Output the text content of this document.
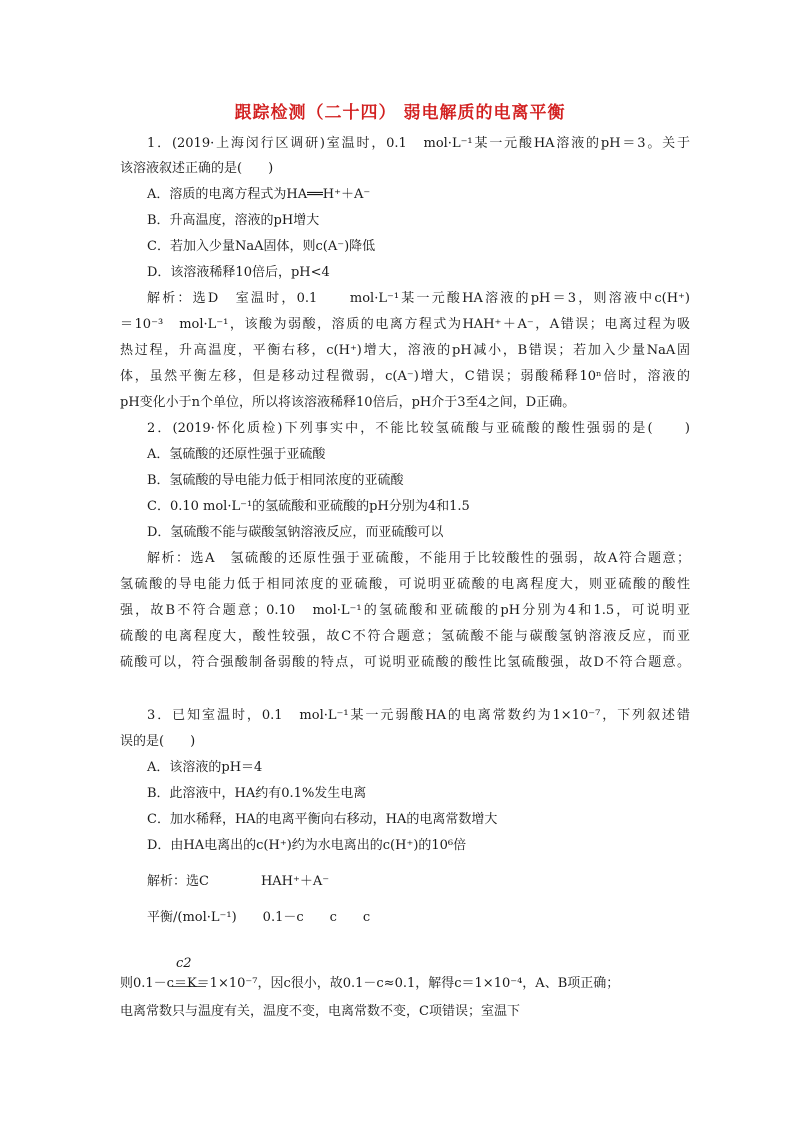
跟踪检测（二十四） 弱电解质的电离平衡
1．(2019·上海闵行区调研)室温时，0.1　mol·L⁻¹某一元酸HA溶液的pH＝3。关于
该溶液叙述正确的是(　　)
A．溶质的电离方程式为HA══H⁺＋A⁻
B．升高温度，溶液的pH增大
C．若加入少量NaA固体，则c(A⁻)降低
D．该溶液稀释10倍后，pH<4
解析：选D　室温时，0.1　　mol·L⁻¹某一元酸HA溶液的pH＝3，则溶液中c(H⁺)
＝10⁻³　mol·L⁻¹，该酸为弱酸，溶质的电离方程式为HAH⁺＋A⁻，A错误；电离过程为吸
热过程，升高温度，平衡右移，c(H⁺)增大，溶液的pH减小，B错误；若加入少量NaA固
体，虽然平衡左移，但是移动过程微弱，c(A⁻)增大，C错误；弱酸稀释10ⁿ倍时，溶液的
pH变化小于n个单位，所以将该溶液稀释10倍后，pH介于3至4之间，D正确。
2．(2019·怀化质检)下列事实中，不能比较氢硫酸与亚硫酸的酸性强弱的是(　　)
A．氢硫酸的还原性强于亚硫酸
B．氢硫酸的导电能力低于相同浓度的亚硫酸
C．0.10 mol·L⁻¹的氢硫酸和亚硫酸的pH分别为4和1.5
D．氢硫酸不能与碳酸氢钠溶液反应，而亚硫酸可以
解析：选A　氢硫酸的还原性强于亚硫酸，不能用于比较酸性的强弱，故A符合题意；
氢硫酸的导电能力低于相同浓度的亚硫酸，可说明亚硫酸的电离程度大，则亚硫酸的酸性
强，故B不符合题意；0.10　mol·L⁻¹的氢硫酸和亚硫酸的pH分别为4和1.5，可说明亚
硫酸的电离程度大，酸性较强，故C不符合题意；氢硫酸不能与碳酸氢钠溶液反应，而亚
硫酸可以，符合强酸制备弱酸的特点，可说明亚硫酸的酸性比氢硫酸强，故D不符合题意。
3．已知室温时，0.1　mol·L⁻¹某一元弱酸HA的电离常数约为1×10⁻⁷，下列叙述错
误的是(　　)
A．该溶液的pH＝4
B．此溶液中，HA约有0.1%发生电离
C．加水稀释，HA的电离平衡向右移动，HA的电离常数增大
D．由HA电离出的c(H⁺)约为水电离出的c(H⁺)的10⁶倍
解析：选C　　　　HAH⁺＋A⁻
平衡/(mol·L⁻¹)　　0.1－c　　c　　c
c2
则0.1－c＝K＝1×10⁻⁷，因c很小，故0.1－c≈0.1，解得c＝1×10⁻⁴，A、B项正确；
电离常数只与温度有关，温度不变，电离常数不变，C项错误；室温下
